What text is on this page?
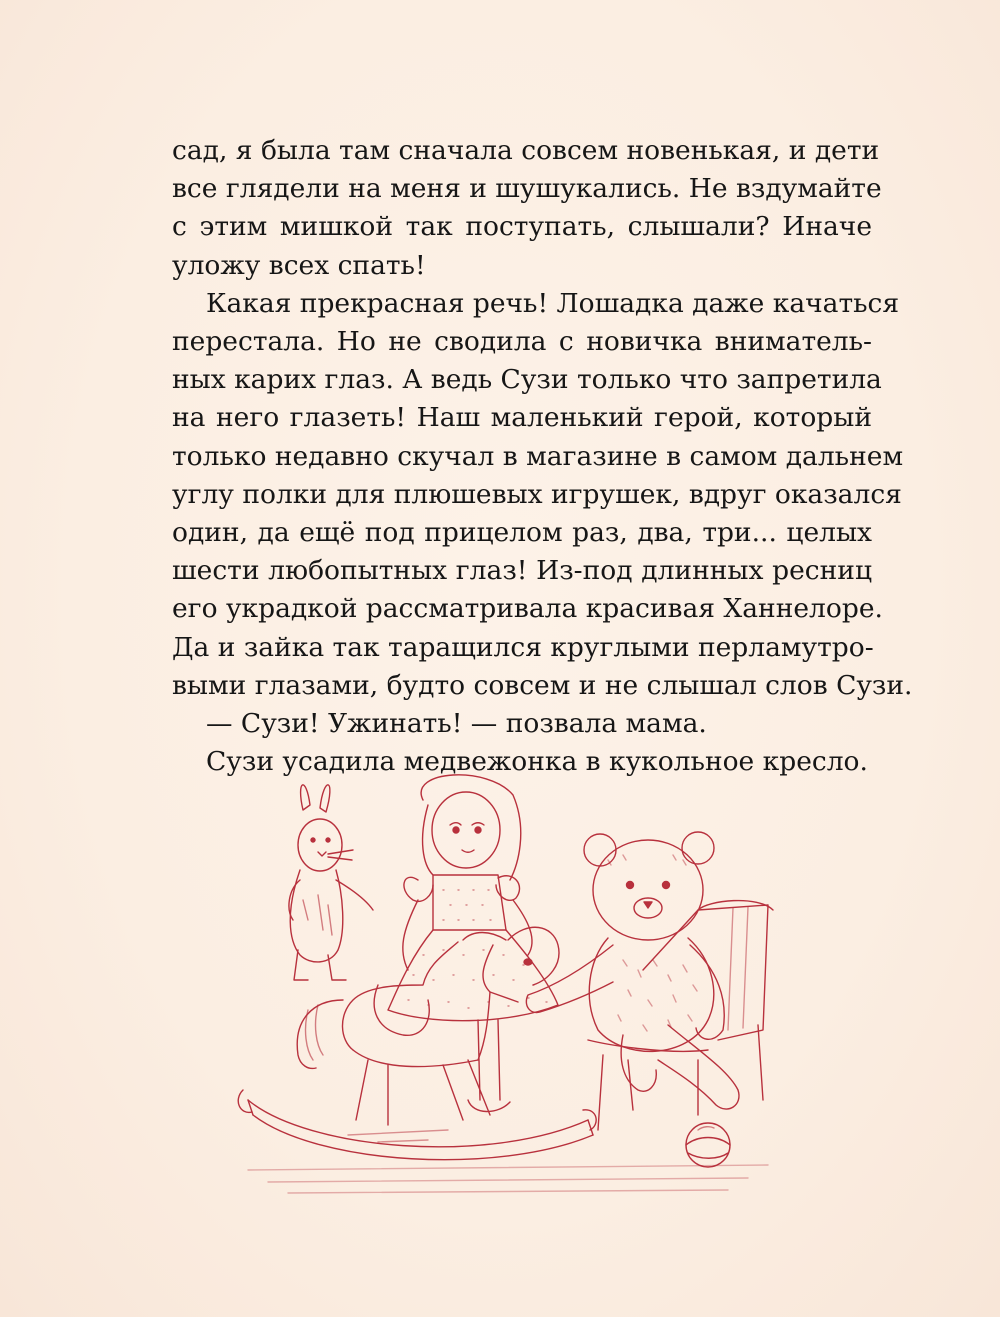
сад, я была там сначала совсем новенькая, и дети
все глядели на меня и шушукались. Не вздумайте
с этим мишкой так поступать, слышали? Иначе
уложу всех спать!
Какая прекрасная речь! Лошадка даже качаться
перестала. Но не сводила с новичка вниматель-
ных карих глаз. А ведь Сузи только что запретила
на него глазеть! Наш маленький герой, который
только недавно скучал в магазине в самом дальнем
углу полки для плюшевых игрушек, вдруг оказался
один, да ещё под прицелом раз, два, три... целых
шести любопытных глаз! Из-под длинных ресниц
его украдкой рассматривала красивая Ханнелоре.
Да и зайка так таращился круглыми перламутро-
выми глазами, будто совсем и не слышал слов Сузи.
— Сузи! Ужинать! — позвала мама.
Сузи усадила медвежонка в кукольное кресло.
